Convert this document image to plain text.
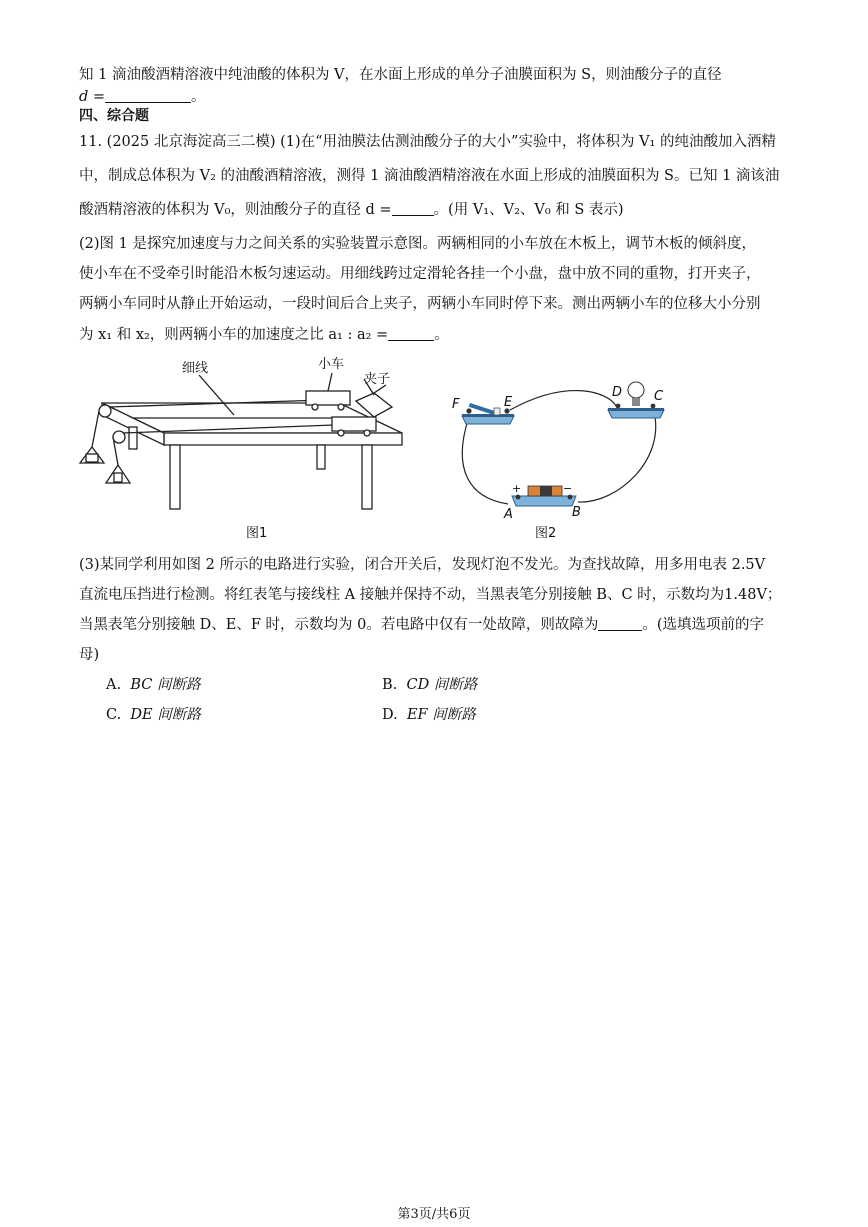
知 1 滴油酸酒精溶液中纯油酸的体积为 V，在水面上形成的单分子油膜面积为 S，则油酸分子的直径
d =	。
四、综合题
11. (2025 北京海淀高三二模) (1)在“用油膜法估测油酸分子的大小”实验中，将体积为 V₁ 的纯油酸加入酒精
中，制成总体积为 V₂ 的油酸酒精溶液，测得 1 滴油酸酒精溶液在水面上形成的油膜面积为 S。已知 1 滴该油
酸酒精溶液的体积为 V₀，则油酸分子的直径 d =	。(用 V₁、V₂、V₀ 和 S 表示)
(2)图 1 是探究加速度与力之间关系的实验装置示意图。两辆相同的小车放在木板上，调节木板的倾斜度，
使小车在不受牵引时能沿木板匀速运动。用细线跨过定滑轮各挂一个小盘，盘中放不同的重物，打开夹子，
两辆小车同时从静止开始运动，一段时间后合上夹子，两辆小车同时停下来。测出两辆小车的位移大小分别
为 x₁ 和 x₂，则两辆小车的加速度之比 a₁ : a₂ =	。
细线	小车
夹子
图1
F	E
D C
A	B
+	−
图2
(3)某同学利用如图 2 所示的电路进行实验，闭合开关后，发现灯泡不发光。为查找故障，用多用电表 2.5V
直流电压挡进行检测。将红表笔与接线柱 A 接触并保持不动，当黑表笔分别接触 B、C 时，示数均为1.48V；
当黑表笔分别接触 D、E、F 时，示数均为 0。若电路中仅有一处故障，则故障为	。(选填选项前的字
母)
A. BC 间断路	B. CD 间断路
C. DE 间断路	D. EF 间断路
第3页/共6页
